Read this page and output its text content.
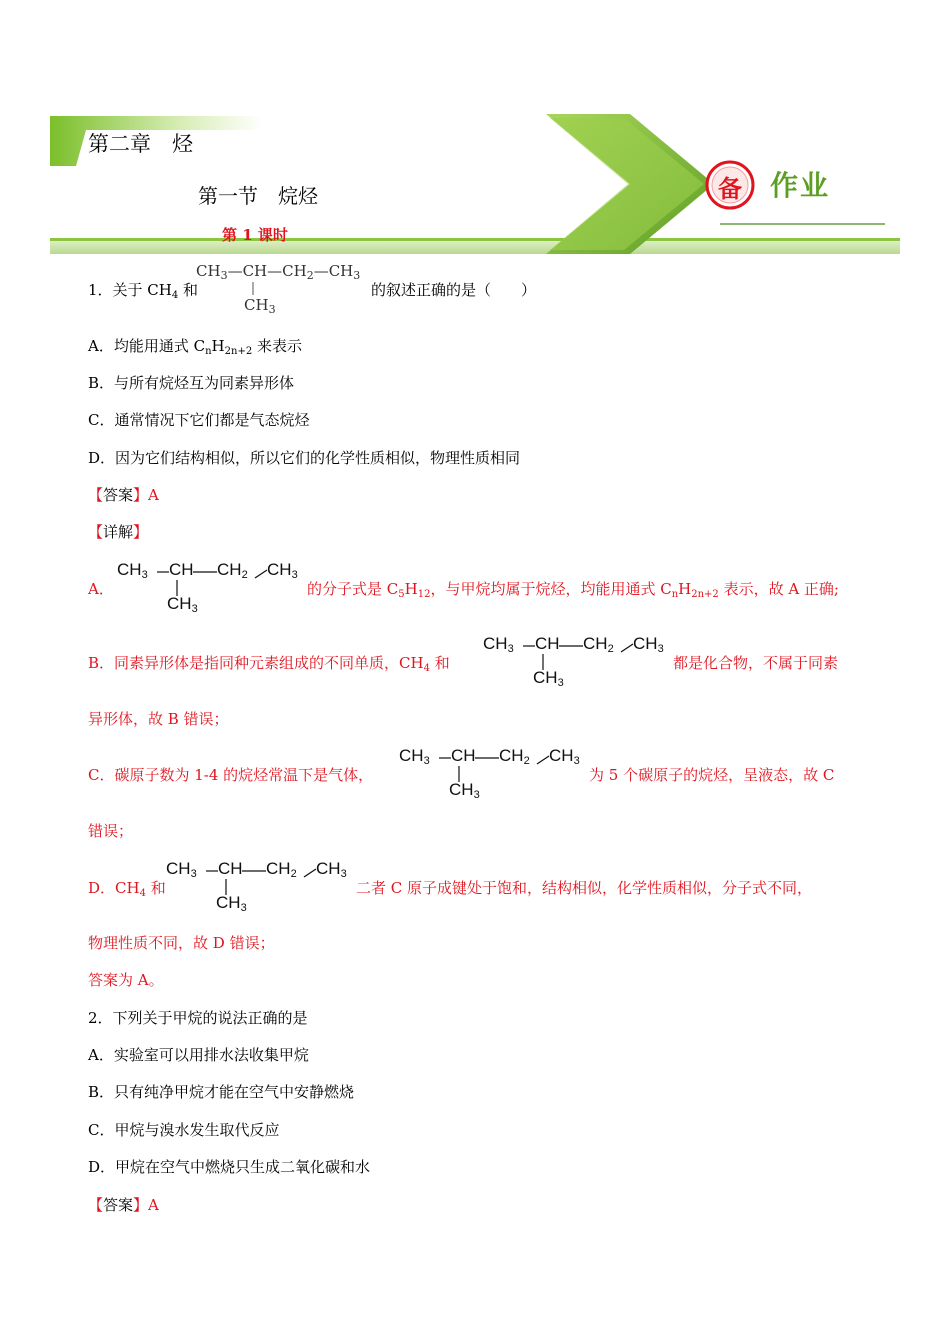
备	作业
第二章　烃
第一节　烷烃
第 1 课时
1．关于 $CH_4$ 和
$CH_3—CH—CH_2—CH_3$
$CH_3$
的叙述正确的是（　　）
A．均能用通式 $C_nH_{2n+2}$ 来表示
B．与所有烷烃互为同素异形体
C．通常情况下它们都是气态烷烃
D．因为它们结构相似，所以它们的化学性质相似，物理性质相同
【答案】A
【详解】
A．
$CH_3$ CH $CH_2$ $CH_3$
$CH_3$
的分子式是 $C_5H_{12}$，与甲烷均属于烷烃，均能用通式 $C_nH_{2n+2}$ 表示，故 A 正确;
B．同素异形体是指同种元素组成的不同单质，$CH_4$ 和
$CH_3$ CH $CH_2$ $CH_3$
$CH_3$
都是化合物，不属于同素
异形体，故 B 错误；
C．碳原子数为 1-4 的烷烃常温下是气体，
$CH_3$ CH $CH_2$ $CH_3$
$CH_3$
为 5 个碳原子的烷烃，呈液态，故 C
错误；
D．$CH_4$ 和
$CH_3$ CH $CH_2$ $CH_3$
$CH_3$
二者 C 原子成键处于饱和，结构相似，化学性质相似，分子式不同，
物理性质不同，故 D 错误；
答案为 A。
2．下列关于甲烷的说法正确的是
A．实验室可以用排水法收集甲烷
B．只有纯净甲烷才能在空气中安静燃烧
C．甲烷与溴水发生取代反应
D．甲烷在空气中燃烧只生成二氧化碳和水
【答案】A
